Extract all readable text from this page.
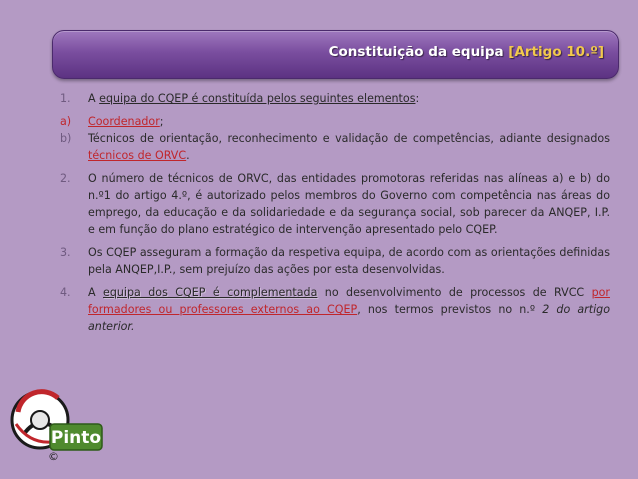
Constituição da equipa [Artigo 10.º]
1.	A equipa do CQEP é constituída pelos seguintes elementos:
a)	Coordenador;
b)	Técnicos de orientação, reconhecimento e validação de competências, adiante designados técnicos de ORVC.
2.	O número de técnicos de ORVC, das entidades promotoras referidas nas alíneas a) e b) do n.º1 do artigo 4.º, é autorizado pelos membros do Governo com competência nas áreas do emprego, da educação e da solidariedade e da segurança social, sob parecer da ANQEP, I.P. e em função do plano estratégico de intervenção apresentado pelo CQEP.
3.	Os CQEP asseguram a formação da respetiva equipa, de acordo com as orientações definidas pela ANQEP,I.P., sem prejuízo das ações por esta desenvolvidas.
4.	A equipa dos CQEP é complementada no desenvolvimento de processos de RVCC por formadores ou professores externos ao CQEP, nos termos previstos no n.º 2 do artigo anterior.
Pinto
©
